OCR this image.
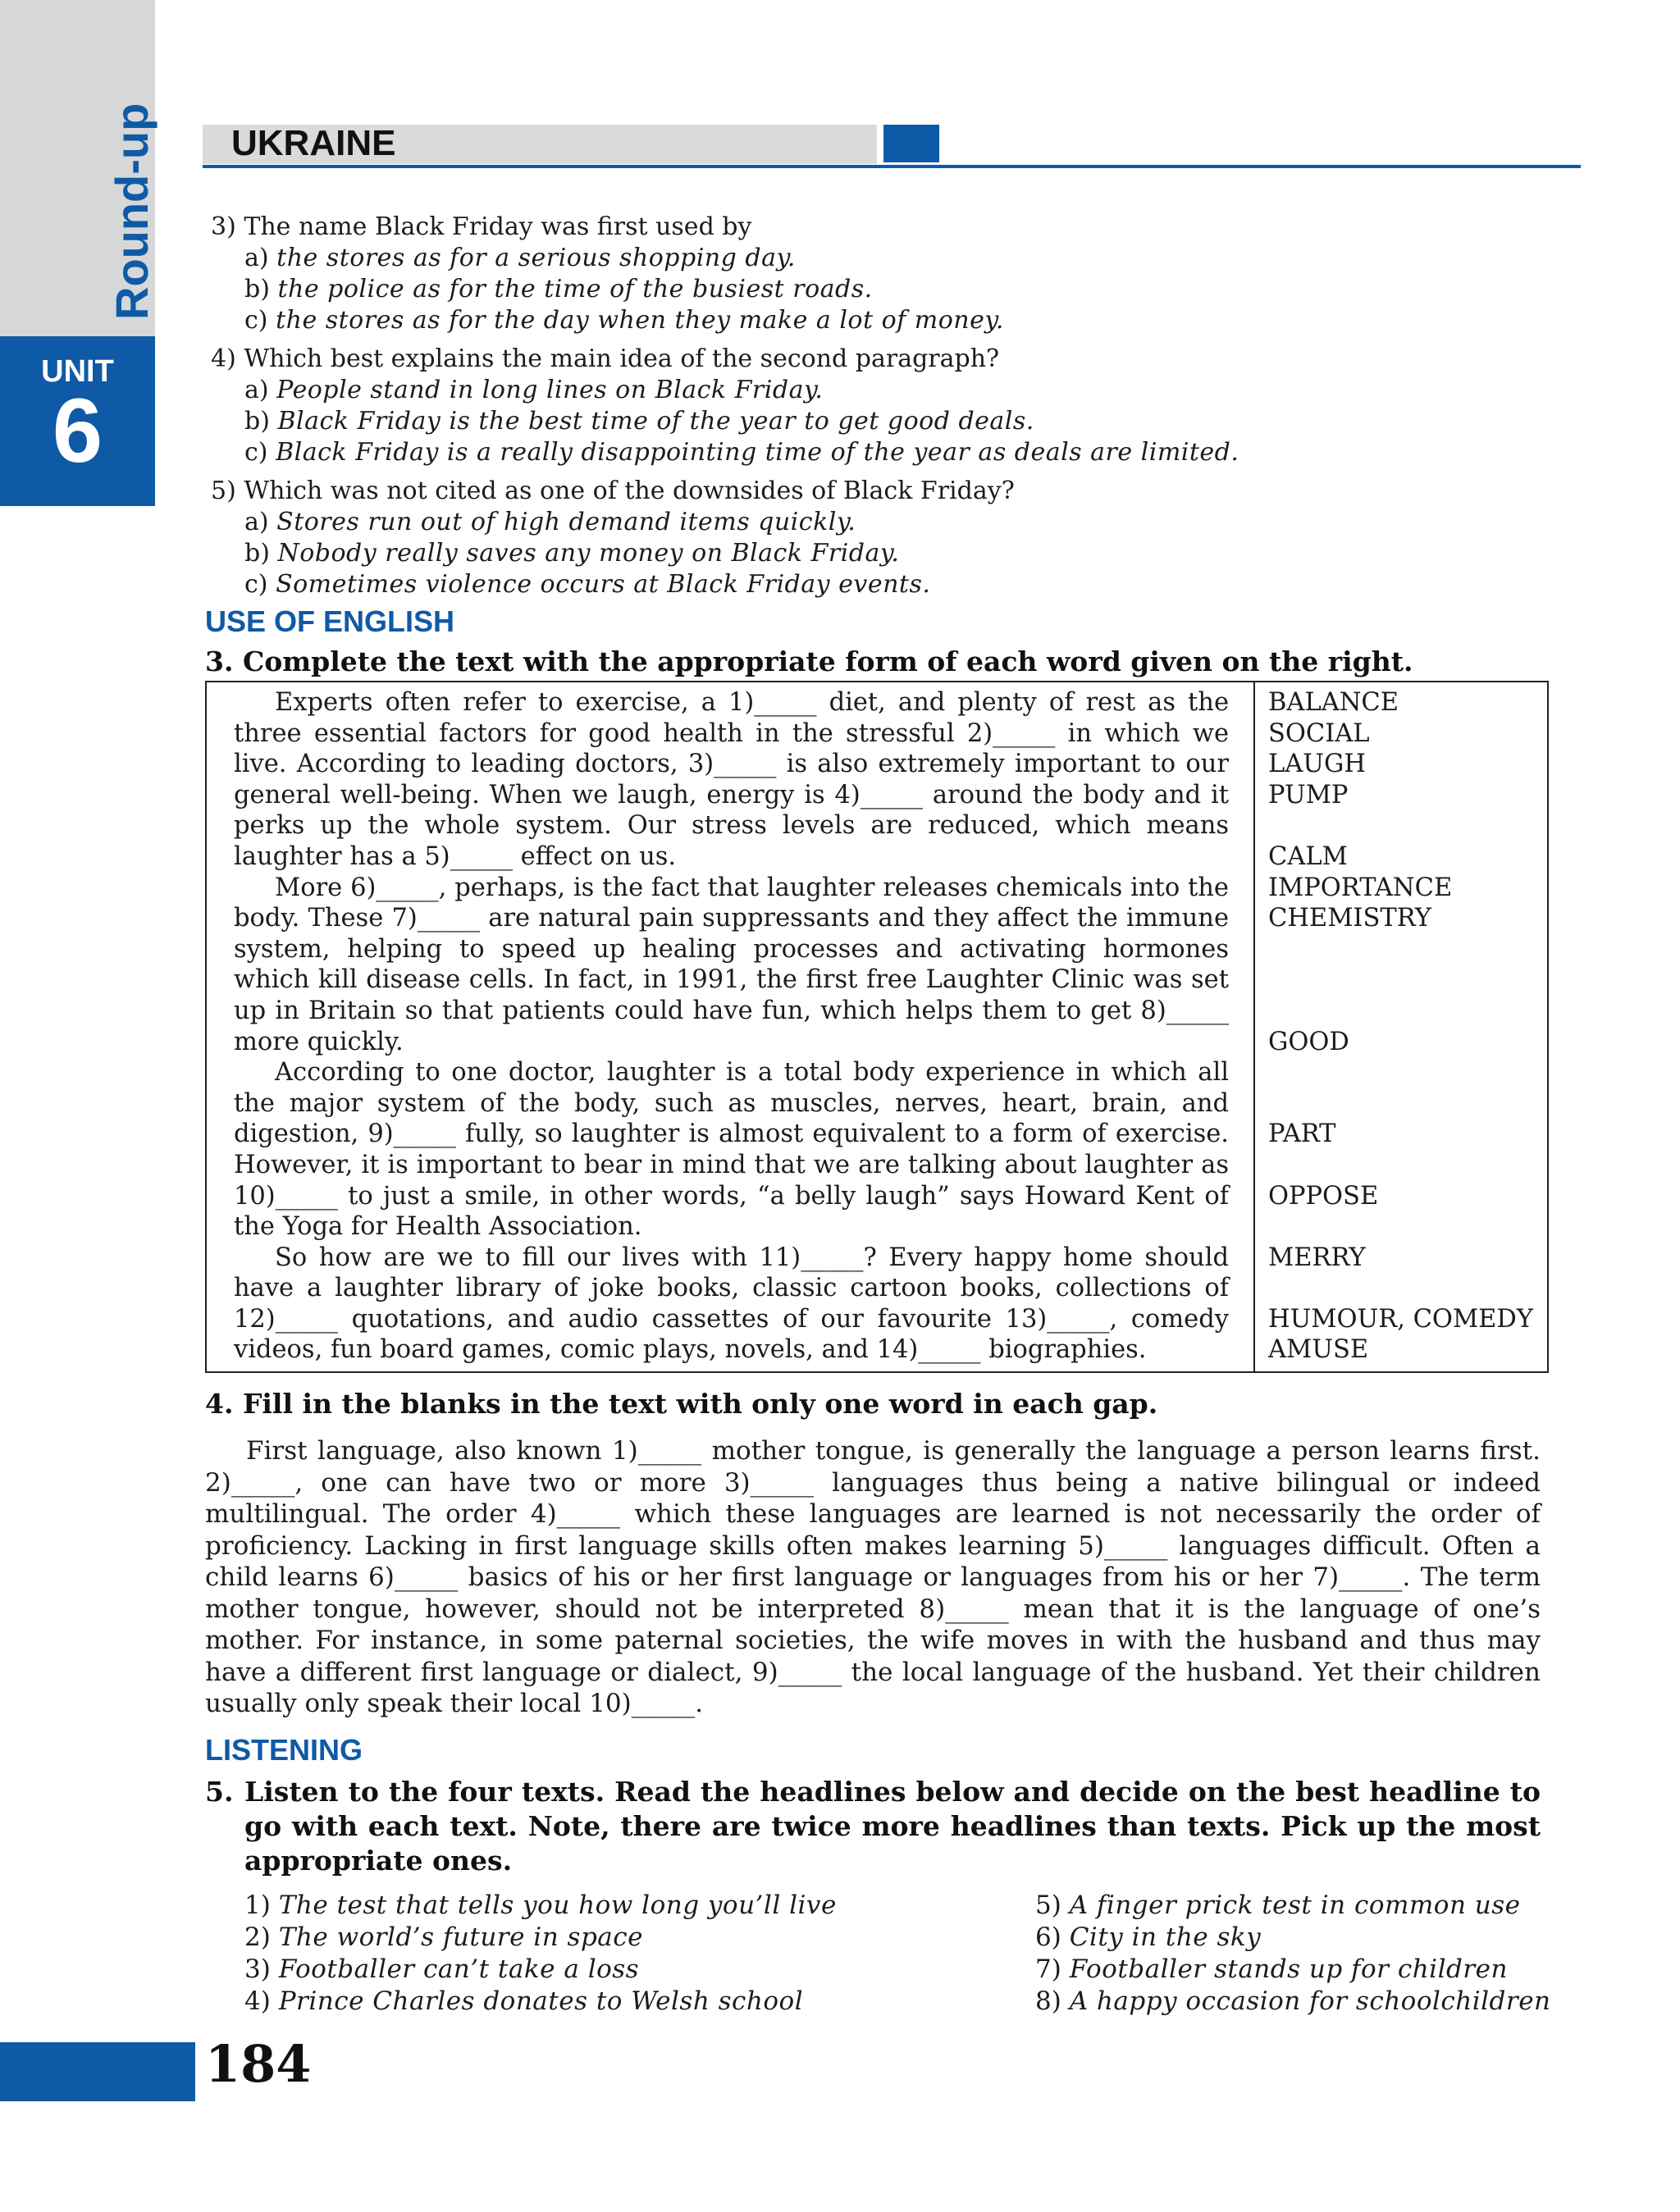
Round-up
UNIT
6
UKRAINE
3) The name Black Friday was first used by
a) the stores as for a serious shopping day.
b) the police as for the time of the busiest roads.
c) the stores as for the day when they make a lot of money.
4) Which best explains the main idea of the second paragraph?
a) People stand in long lines on Black Friday.
b) Black Friday is the best time of the year to get good deals.
c) Black Friday is a really disappointing time of the year as deals are limited.
5) Which was not cited as one of the downsides of Black Friday?
a) Stores run out of high demand items quickly.
b) Nobody really saves any money on Black Friday.
c) Sometimes violence occurs at Black Friday events.
USE OF ENGLISH
3. Complete the text with the appropriate form of each word given on the right.

Experts often refer to exercise, a 1)_____ diet, and plenty of rest as the three essential factors for good health in the stressful 2)_____ in which we live. According to leading doctors, 3)_____ is also extremely important to our general well-being. When we laugh, energy is 4)_____ around the body and it perks up the whole system. Our stress levels are reduced, which means laughter has a 5)_____ effect on us.

More 6)_____, perhaps, is the fact that laughter releases chemicals into the body. These 7)_____ are natural pain suppressants and they affect the immune system, helping to speed up healing processes and activating hormones which kill disease cells. In fact, in 1991, the first free Laughter Clinic was set up in Britain so that patients could have fun, which helps them to get 8)_____ more quickly.

According to one doctor, laughter is a total body experience in which all the major system of the body, such as muscles, nerves, heart, brain, and digestion, 9)_____ fully, so laughter is almost equivalent to a form of exercise. However, it is important to bear in mind that we are talking about laughter as 10)_____ to just a smile, in other words, “a belly laugh” says Howard Kent of the Yoga for Health Association.

So how are we to fill our lives with 11)_____? Every happy home should have a laughter library of joke books, classic cartoon books, collections of 12)_____ quotations, and audio cassettes of our favourite 13)_____, comedy videos, fun board games, comic plays, novels, and 14)_____ biographies.

BALANCE
SOCIAL
LAUGH
PUMP
CALM
IMPORTANCE
CHEMISTRY
GOOD
PART
OPPOSE
MERRY
HUMOUR, COMEDY
AMUSE
4. Fill in the blanks in the text with only one word in each gap.

First language, also known 1)_____ mother tongue, is generally the language a person learns first. 2)_____, one can have two or more 3)_____ languages thus being a native bilingual or indeed multilingual. The order 4)_____ which these languages are learned is not necessarily the order of proficiency. Lacking in first language skills often makes learning 5)_____ languages difficult. Often a child learns 6)_____ basics of his or her first language or languages from his or her 7)_____. The term mother tongue, however, should not be interpreted 8)_____ mean that it is the language of one’s mother. For instance, in some paternal societies, the wife moves in with the husband and thus may have a different first language or dialect, 9)_____ the local language of the husband. Yet their children usually only speak their local 10)_____.

LISTENING
5. Listen to the four texts. Read the headlines below and decide on the best headline to go with each text. Note, there are twice more headlines than texts. Pick up the most appropriate ones.
1) The test that tells you how long you’ll live
2) The world’s future in space
3) Footballer can’t take a loss
4) Prince Charles donates to Welsh school
5) A finger prick test in common use
6) City in the sky
7) Footballer stands up for children
8) A happy occasion for schoolchildren
184
